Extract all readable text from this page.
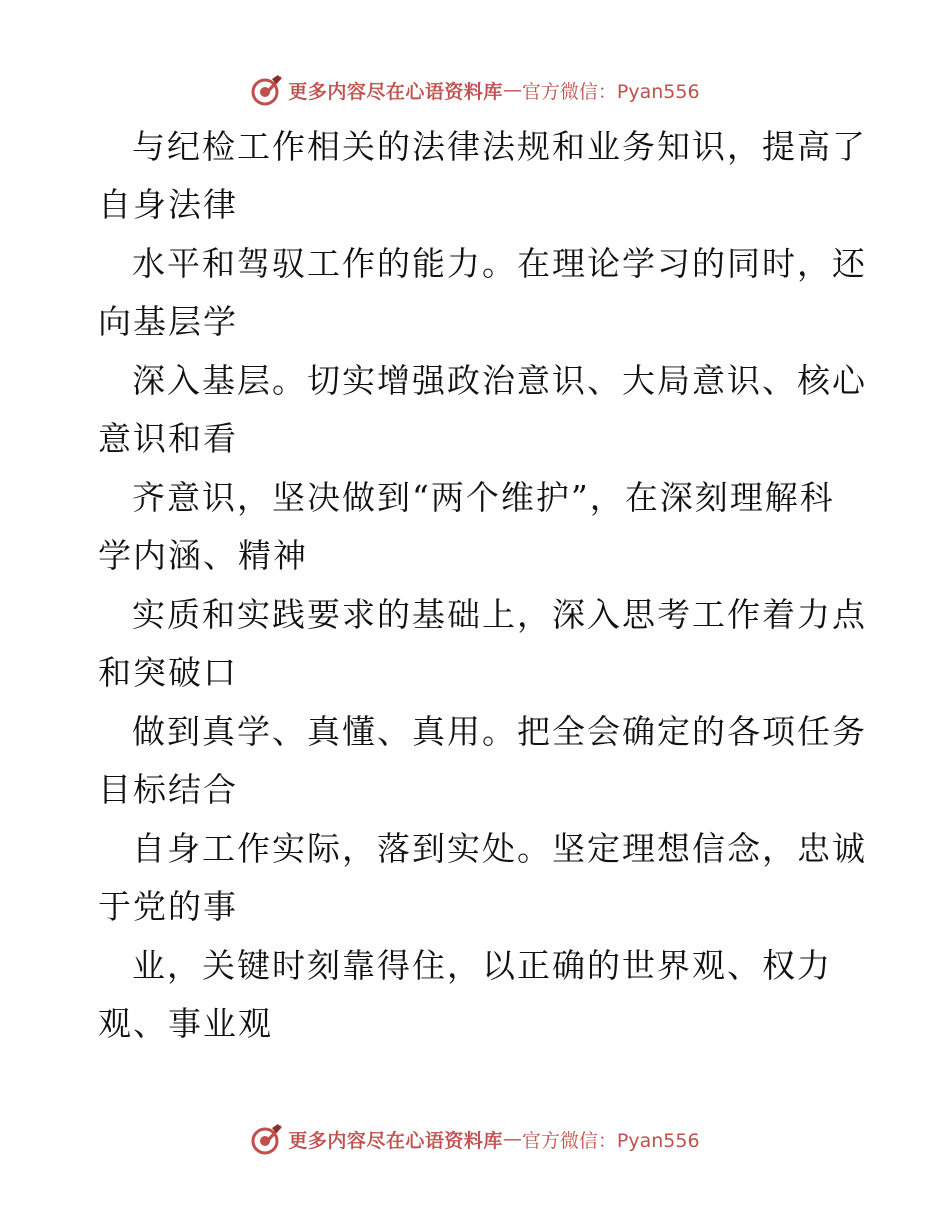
更多内容尽在心语资料库 — 官方微信：Pyan556
与纪检工作相关的法律法规和业务知识，提高了
自身法律
水平和驾驭工作的能力。在理论学习的同时，还
向基层学
深入基层。切实增强政治意识、大局意识、核心
意识和看
齐意识，坚决做到“两个维护”，在深刻理解科
学内涵、精神
实质和实践要求的基础上，深入思考工作着力点
和突破口
做到真学、真懂、真用。把全会确定的各项任务
目标结合
自身工作实际，落到实处。坚定理想信念，忠诚
于党的事
业，关键时刻靠得住，以正确的世界观、权力
观、事业观
更多内容尽在心语资料库 — 官方微信：Pyan556
